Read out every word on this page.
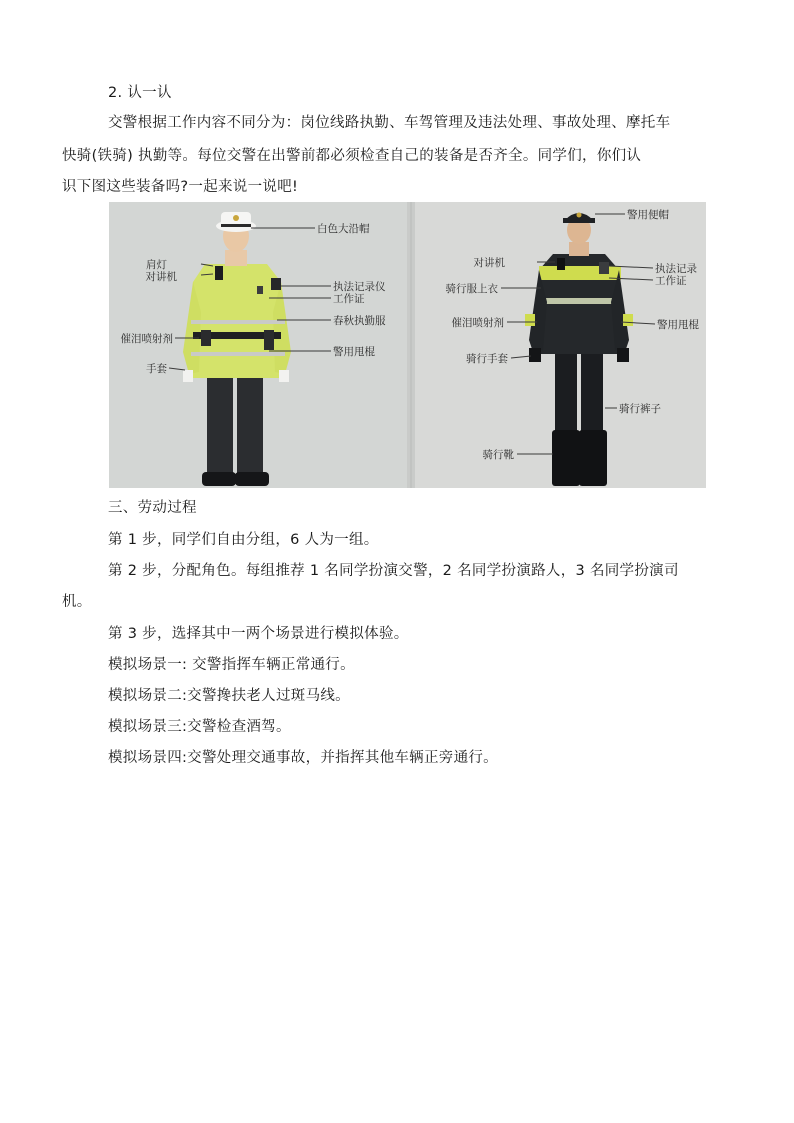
2. 认一认
交警根据工作内容不同分为：岗位线路执勤、车驾管理及违法处理、事故处理、摩托车
快骑(铁骑) 执勤等。每位交警在出警前都必须检查自己的装备是否齐全。同学们，你们认
识下图这些装备吗?一起来说一说吧!
白色大沿帽
肩灯
对讲机
执法记录仪
工作证
春秋执勤服
催泪喷射剂
警用甩棍
手套
警用便帽
对讲机	执法记录
工作证
骑行服上衣
催泪喷射剂	警用甩棍
骑行手套
骑行裤子
骑行靴
三、劳动过程
第 1 步，同学们自由分组，6 人为一组。
第 2 步，分配角色。每组推荐 1 名同学扮演交警，2 名同学扮演路人，3 名同学扮演司
机。
第 3 步，选择其中一两个场景进行模拟体验。
模拟场景一: 交警指挥车辆正常通行。
模拟场景二:交警搀扶老人过斑马线。
模拟场景三:交警检查酒驾。
模拟场景四:交警处理交通事故，并指挥其他车辆正旁通行。
